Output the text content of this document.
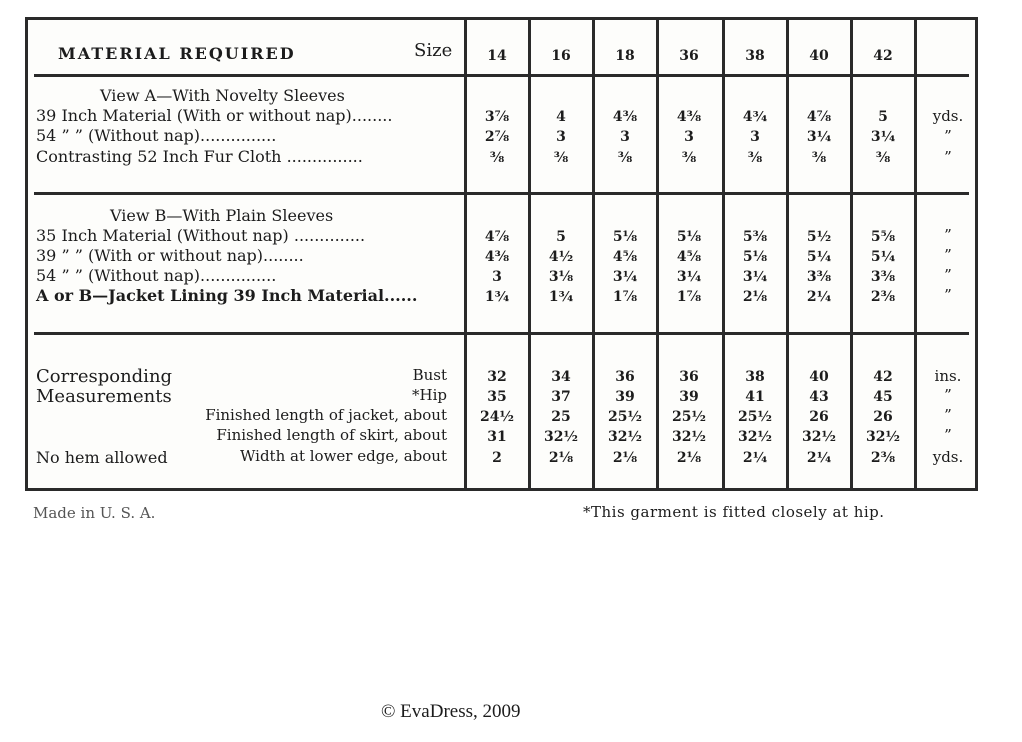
MATERIAL REQUIRED	Size	14	16	18	36	38	40	42
View A—With Novelty Sleeves
39 Inch Material (With or without nap)........	3⅞	4	4⅜	4⅜	4¾	4⅞	5	yds.
54 ” ” (Without nap)...............	2⅞	3	3	3	3	3¼	3¼	”
Contrasting 52 Inch Fur Cloth ...............	⅜	⅜	⅜	⅜	⅜	⅜	⅜	”
View B—With Plain Sleeves
35 Inch Material (Without nap) ..............	4⅞	5	5⅛	5⅛	5⅜	5½	5⅝	”
39 ” ” (With or without nap)........	4⅜	4½	4⅝	4⅝	5⅛	5¼	5¼	”
54 ” ” (Without nap)...............	3	3⅛	3¼	3¼	3¼	3⅜	3⅜	”
A or B—Jacket Lining 39 Inch Material......	1¾	1¾	1⅞	1⅞	2⅛	2¼	2⅜	”
Corresponding
Measurements
No hem allowed
Bust	32	34	36	36	38	40	42	ins.
*Hip	35	37	39	39	41	43	45	”
Finished length of jacket, about	24½	25	25½	25½	25½	26	26	”
Finished length of skirt, about	31	32½	32½	32½	32½	32½	32½	”
Width at lower edge, about	2	2⅛	2⅛	2⅛	2¼	2¼	2⅜	yds.
Made in U. S. A.	*This garment is fitted closely at hip.
© EvaDress, 2009
